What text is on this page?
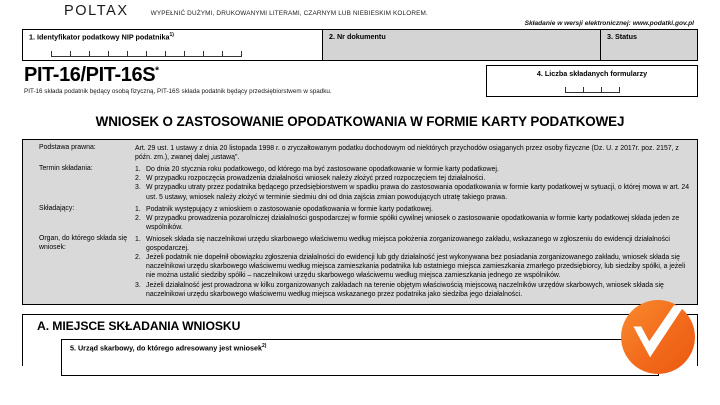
POLTAX	WYPEŁNIĆ DUŻYMI, DRUKOWANYMI LITERAMI, CZARNYM LUB NIEBIESKIM KOLOREM.
Składanie w wersji elektronicznej: www.podatki.gov.pl
1. Identyfikator podatkowy NIP podatnika$^{1)}$	2. Nr dokumentu	3. Status
PIT-16/PIT-16S*
PIT-16 składa podatnik będący osobą fizyczną, PIT-16S składa podatnik będący przedsiębiorstwem w spadku.
4. Liczba składanych formularzy
WNIOSEK O ZASTOSOWANIE OPODATKOWANIA W FORMIE KARTY PODATKOWEJ
Podstawa prawna:	Art. 29 ust. 1 ustawy z dnia 20 listopada 1998 r. o zryczałtowanym podatku dochodowym od niektórych przychodów osiąganych przez osoby fizyczne (Dz. U. z 2017r. poz. 2157, z późn. zm.), zwanej dalej „ustawą".

Termin składania:	1. Do dnia 20 stycznia roku podatkowego, od którego ma być zastosowane opodatkowanie w formie karty podatkowej.
2. W przypadku rozpoczęcia prowadzenia działalności wniosek należy złożyć przed rozpoczęciem tej działalności.
3. W przypadku utraty przez podatnika będącego przedsiębiorstwem w spadku prawa do zastosowania opodatkowania w formie karty podatkowej w sytuacji, o której mowa w art. 24 ust. 5 ustawy, wniosek należy złożyć w terminie siedmiu dni od dnia zajścia zmian powodujących utratę takiego prawa.
Składający:	1. Podatnik występujący z wnioskiem o zastosowanie opodatkowania w formie karty podatkowej.
2. W przypadku prowadzenia pozarolniczej działalności gospodarczej w formie spółki cywilnej wniosek o zastosowanie opodatkowania w formie karty podatkowej składa jeden ze wspólników.
Organ, do którego składa się wniosek:
1. Wniosek składa się naczelnikowi urzędu skarbowego właściwemu według miejsca położenia zorganizowanego zakładu, wskazanego w zgłoszeniu do ewidencji działalności gospodarczej.
2. Jeżeli podatnik nie dopełnił obowiązku zgłoszenia działalności do ewidencji lub gdy działalność jest wykonywana bez posiadania zorganizowanego zakładu, wniosek składa się naczelnikowi urzędu skarbowego właściwemu według miejsca zamieszkania podatnika lub ostatniego miejsca zamieszkania zmarłego przedsiębiorcy, lub siedziby spółki, a jeżeli nie można ustalić siedziby spółki – naczelnikowi urzędu skarbowego właściwemu według miejsca zamieszkania jednego ze wspólników.
3. Jeżeli działalność jest prowadzona w kilku zorganizowanych zakładach na terenie objętym właściwością miejscową naczelników urzędów skarbowych, wniosek składa się naczelnikowi urzędu skarbowego właściwemu według miejsca wskazanego przez podatnika jako siedziba jego działalności.
A. MIEJSCE SKŁADANIA WNIOSKU
5. Urząd skarbowy, do którego adresowany jest wniosek$^{2)}$
